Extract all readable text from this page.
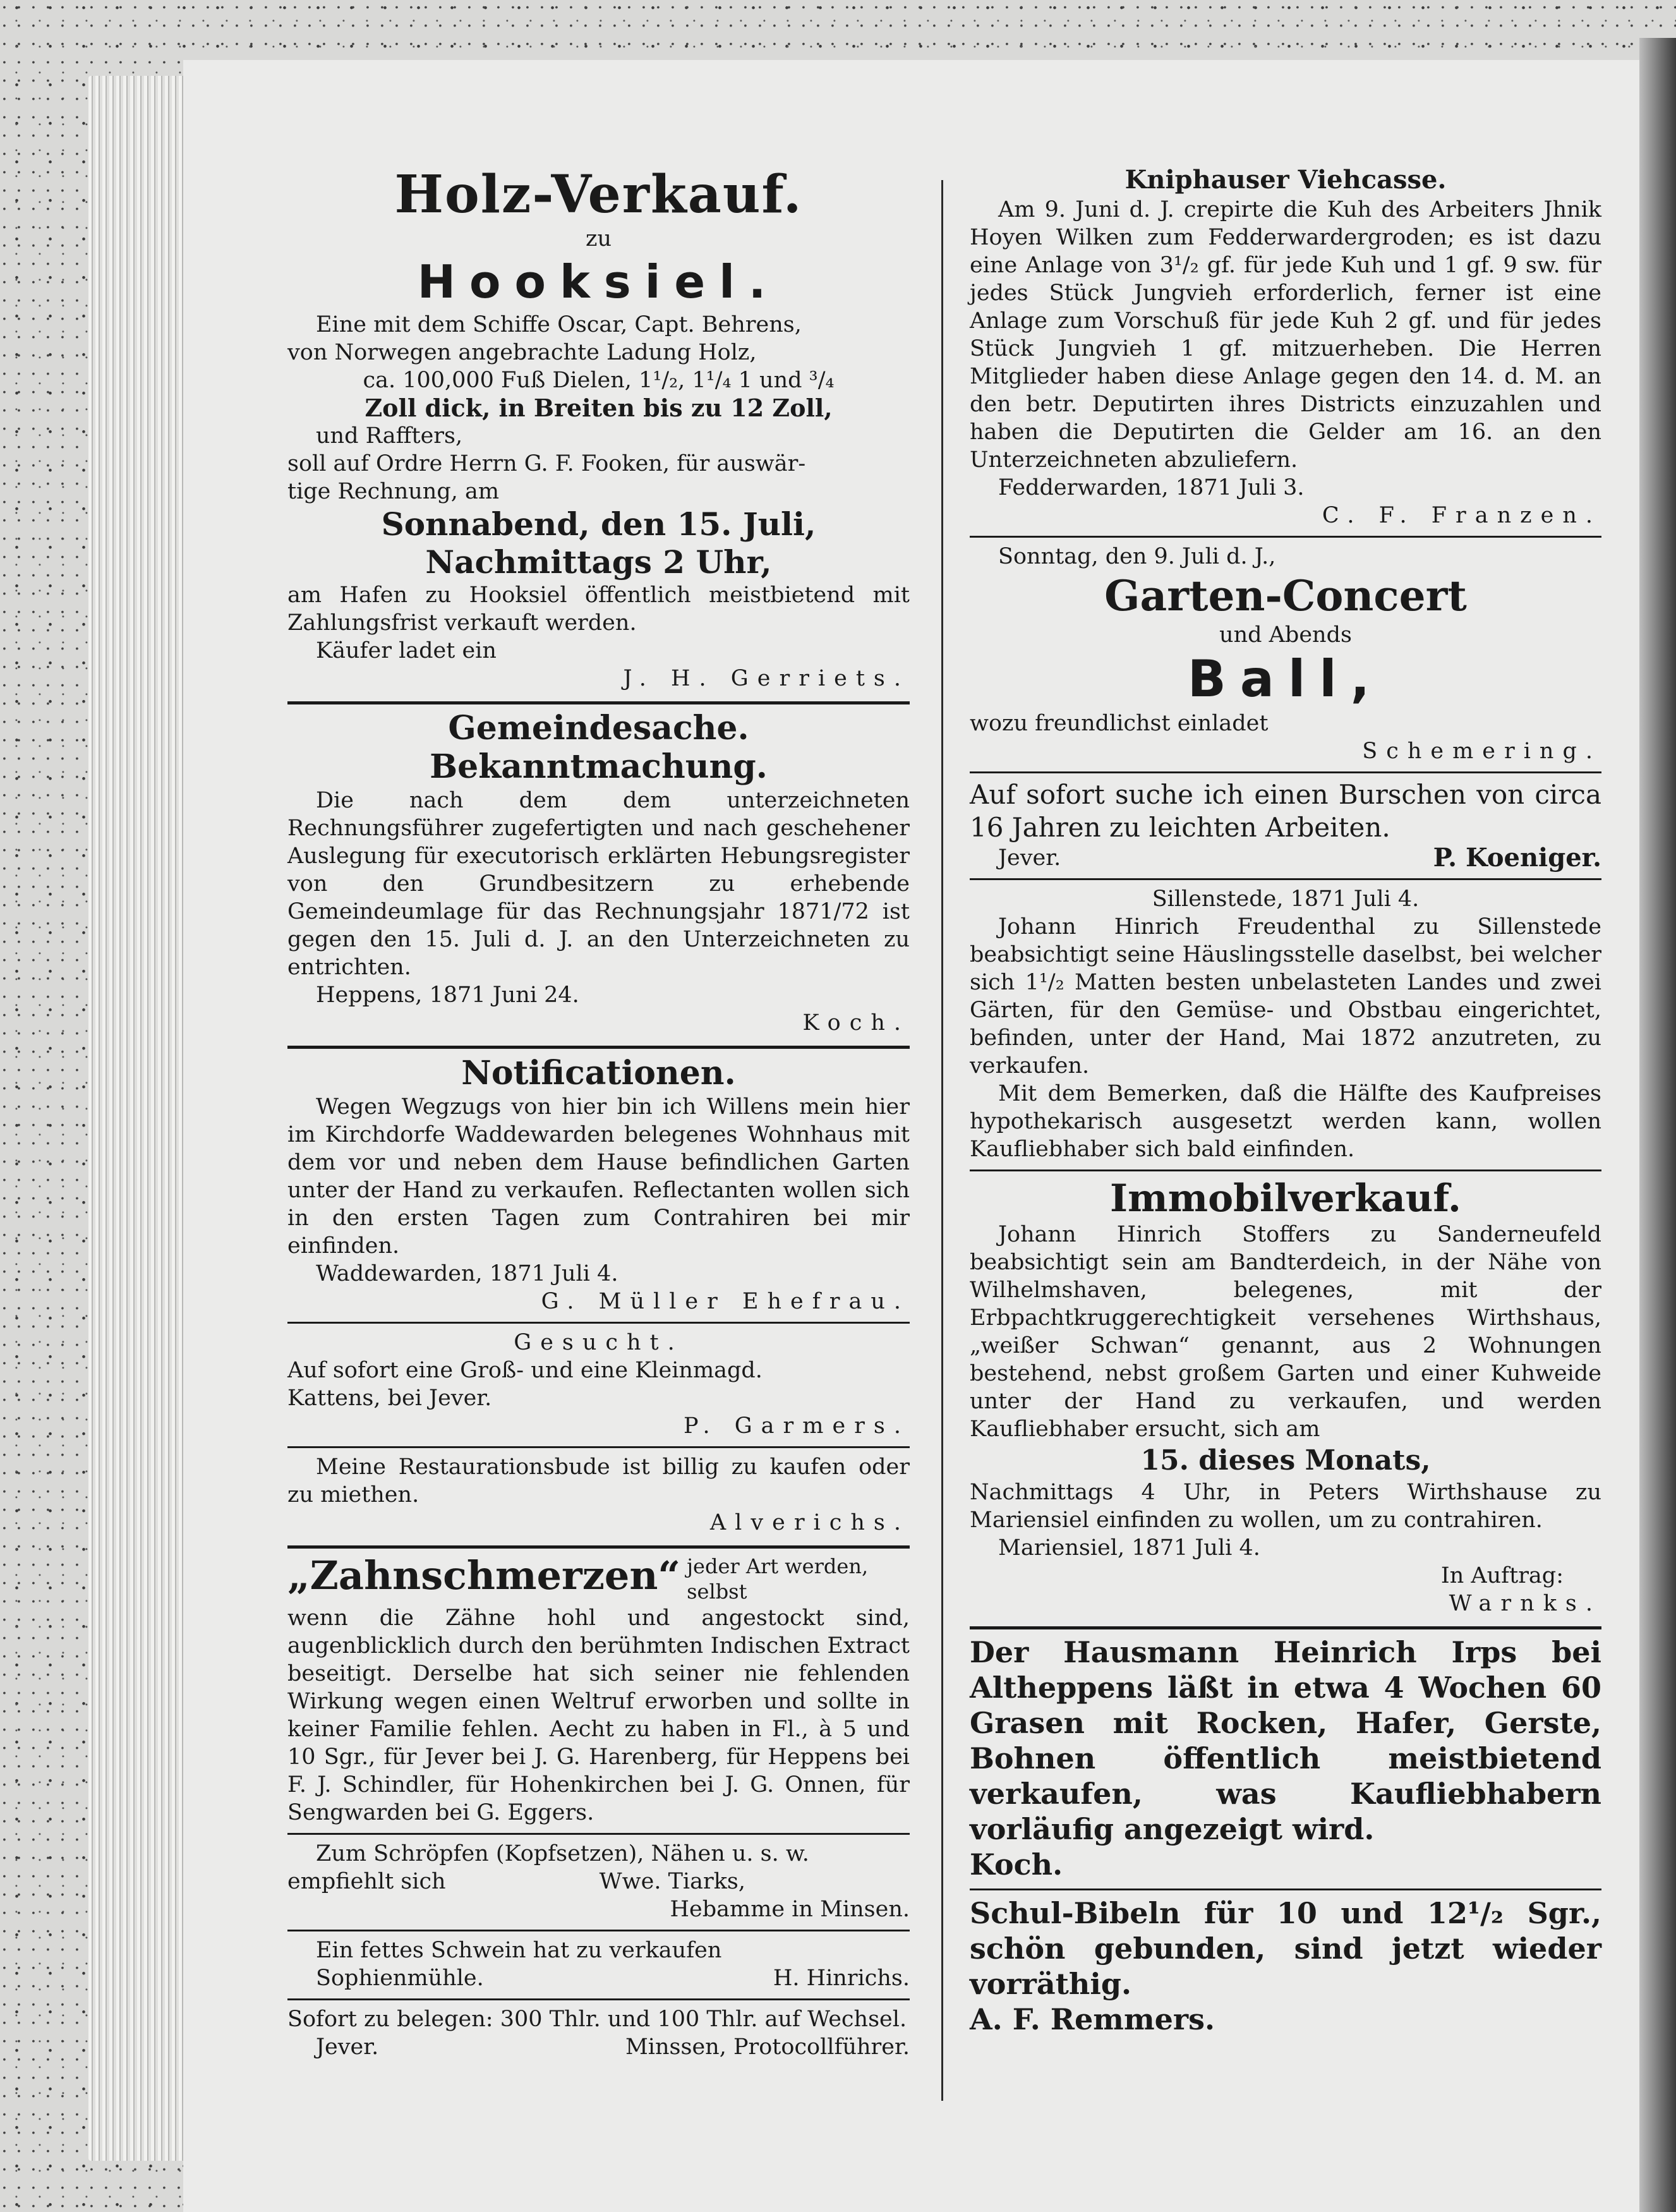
Holz-Verkauf.
zu
Hooksiel.
Eine mit dem Schiffe Oscar, Capt. Behrens,
von Norwegen angebrachte Ladung Holz,
ca. 100,000 Fuß Dielen, 1¹/₂, 1¹/₄ 1 und ³/₄
Zoll dick, in Breiten bis zu 12 Zoll,
und Raffters,
soll auf Ordre Herrn G. F. Fooken, für auswär-
tige Rechnung, am
Sonnabend, den 15. Juli,
Nachmittags 2 Uhr,
am Hafen zu Hooksiel öffentlich meistbietend mit Zahlungsfrist verkauft werden.
Käufer ladet ein
J. H. Gerriets.
Gemeindesache.
Bekanntmachung.
Die nach dem dem unterzeichneten Rechnungsführer zugefertigten und nach geschehener Auslegung für executorisch erklärten Hebungsregister von den Grundbesitzern zu erhebende Gemeindeumlage für das Rechnungsjahr 1871/72 ist gegen den 15. Juli d. J. an den Unterzeichneten zu entrichten.
Heppens, 1871 Juni 24.
Koch.
Notificationen.
Wegen Wegzugs von hier bin ich Willens mein hier im Kirchdorfe Waddewarden belegenes Wohnhaus mit dem vor und neben dem Hause befindlichen Garten unter der Hand zu verkaufen. Reflectanten wollen sich in den ersten Tagen zum Contrahiren bei mir einfinden.
Waddewarden, 1871 Juli 4.
G. Müller Ehefrau.
Gesucht.
Auf sofort eine Groß- und eine Kleinmagd.
Kattens, bei Jever.
P. Garmers.
Meine Restaurationsbude ist billig zu kaufen oder zu miethen.
Alverichs.
„Zahnschmerzen“ jeder Art werden, selbst
wenn die Zähne hohl und angestockt sind, augenblicklich durch den berühmten Indischen Extract beseitigt. Derselbe hat sich seiner nie fehlenden Wirkung wegen einen Weltruf erworben und sollte in keiner Familie fehlen. Aecht zu haben in Fl., à 5 und 10 Sgr., für Jever bei J. G. Harenberg, für Heppens bei F. J. Schindler, für Hohenkirchen bei J. G. Onnen, für Sengwarden bei G. Eggers.
Zum Schröpfen (Kopfsetzen), Nähen u. s. w.
empfiehlt sich	Wwe. Tiarks,
Hebamme in Minsen.
Ein fettes Schwein hat zu verkaufen
Sophienmühle.	H. Hinrichs.
Sofort zu belegen: 300 Thlr. und 100 Thlr. auf Wechsel.
Jever.	Minssen, Protocollführer.
Kniphauser Viehcasse.
Am 9. Juni d. J. crepirte die Kuh des Arbeiters Jhnik Hoyen Wilken zum Fedderwardergroden; es ist dazu eine Anlage von 3¹/₂ gf. für jede Kuh und 1 gf. 9 sw. für jedes Stück Jungvieh erforderlich, ferner ist eine Anlage zum Vorschuß für jede Kuh 2 gf. und für jedes Stück Jungvieh 1 gf. mitzuerheben. Die Herren Mitglieder haben diese Anlage gegen den 14. d. M. an den betr. Deputirten ihres Districts einzuzahlen und haben die Deputirten die Gelder am 16. an den Unterzeichneten abzuliefern.
Fedderwarden, 1871 Juli 3.
C. F. Franzen.
Sonntag, den 9. Juli d. J.,
Garten-Concert
und Abends
Ball,
wozu freundlichst einladet
Schemering.
Auf sofort suche ich einen Burschen von circa 16 Jahren zu leichten Arbeiten.
Jever.	P. Koeniger.
Sillenstede, 1871 Juli 4.
Johann Hinrich Freudenthal zu Sillenstede beabsichtigt seine Häuslingsstelle daselbst, bei welcher sich 1¹/₂ Matten besten unbelasteten Landes und zwei Gärten, für den Gemüse- und Obstbau eingerichtet, befinden, unter der Hand, Mai 1872 anzutreten, zu verkaufen.
Mit dem Bemerken, daß die Hälfte des Kaufpreises hypothekarisch ausgesetzt werden kann, wollen Kaufliebhaber sich bald einfinden.
Immobilverkauf.
Johann Hinrich Stoffers zu Sanderneufeld beabsichtigt sein am Bandterdeich, in der Nähe von Wilhelmshaven, belegenes, mit der Erbpachtkruggerechtigkeit versehenes Wirthshaus, „weißer Schwan“ genannt, aus 2 Wohnungen bestehend, nebst großem Garten und einer Kuhweide unter der Hand zu verkaufen, und werden Kaufliebhaber ersucht, sich am
15. dieses Monats,
Nachmittags 4 Uhr, in Peters Wirthshause zu Mariensiel einfinden zu wollen, um zu contrahiren.
Mariensiel, 1871 Juli 4.
In Auftrag:
Warnks.
Der Hausmann Heinrich Irps bei Altheppens läßt in etwa 4 Wochen 60 Grasen mit Rocken, Hafer, Gerste, Bohnen öffentlich meistbietend verkaufen, was Kaufliebhabern vorläufig angezeigt wird.
Koch.
Schul-Bibeln für 10 und 12¹/₂ Sgr., schön gebunden, sind jetzt wieder vorräthig.
A. F. Remmers.
